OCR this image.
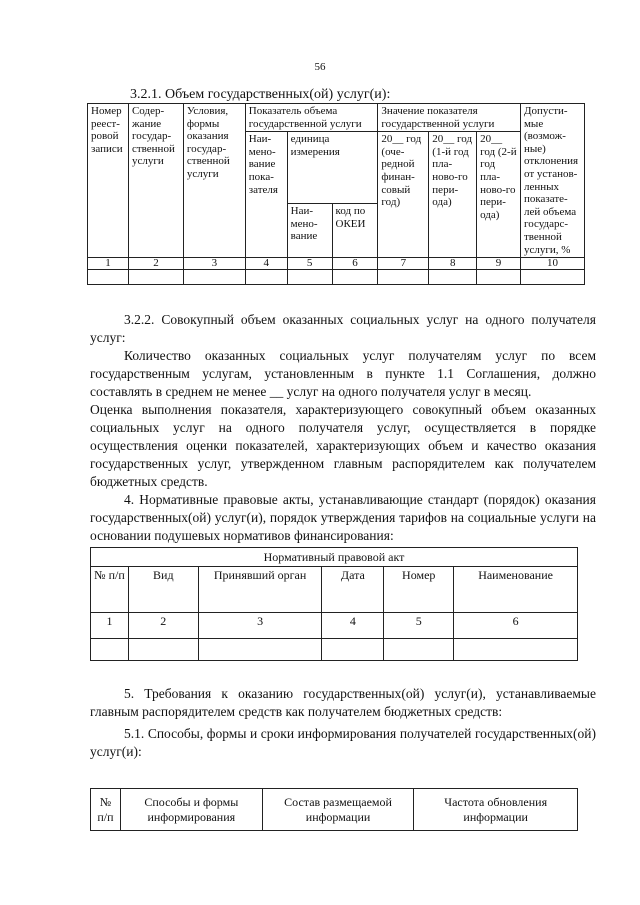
56
3.2.1. Объем государственных(ой) услуг(и):
Номер реест-ровой записи	Содер-жание государ-ственной услуги	Условия, формы оказания государ-ственной услуги	Показатель объема государственной услуги			Значение показателя государственной услуги			Допусти-мые (возмож-ные) отклонения от установ-ленных показате-лей объема государс-твенной услуги, %
			Наи-мено-вание пока-зателя	единица измерения		20__ год (оче-редной финан-совый год)	20__ год (1-й год пла-ново-го пери-ода)	20__ год (2-й год пла-ново-го пери-ода)	
				Наи-мено-вание	код по ОКЕИ				
1	2	3	4	5	6	7	8	9	10

3.2.2. Совокупный объем оказанных социальных услуг на одного получателя услуг:

Количество оказанных социальных услуг получателям услуг по всем государственным услугам, установленным в пункте 1.1 Соглашения, должно составлять в среднем не менее __ услуг на одного получателя услуг в месяц.

Оценка выполнения показателя, характеризующего совокупный объем оказанных социальных услуг на одного получателя услуг, осуществляется в порядке осуществления оценки показателей, характеризующих объем и качество оказания государственных услуг, утвержденном главным распорядителем как получателем бюджетных средств.

4. Нормативные правовые акты, устанавливающие стандарт (порядок) оказания государственных(ой) услуг(и), порядок утверждения тарифов на социальные услуги на основании подушевых нормативов финансирования:

Нормативный правовой акт					
№ п/п	Вид	Принявший орган	Дата	Номер	Наименование
1	2	3	4	5	6

5. Требования к оказанию государственных(ой) услуг(и), устанавливаемые главным распорядителем средств как получателем бюджетных средств:

5.1. Способы, формы и сроки информирования получателей государственных(ой) услуг(и):

№ п/п	Способы и формы информирования	Состав размещаемой информации	Частота обновления информации
